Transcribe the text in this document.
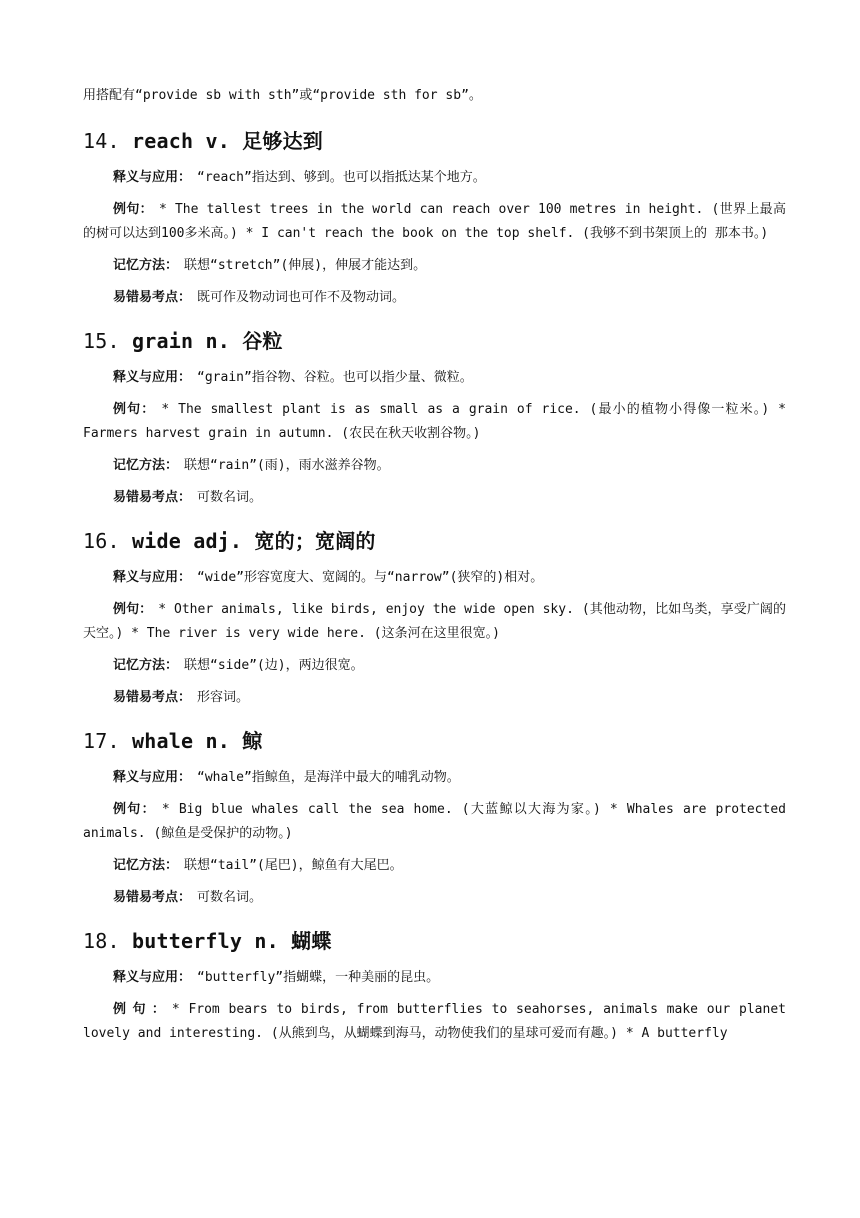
用搭配有“provide sb with sth”或“provide sth for sb”。

14. reach v. 足够达到

释义与应用： “reach”指达到、够到。也可以指抵达某个地方。

例句： * The tallest trees in the world can reach over 100 metres in height. (世界上最高的树可以达到100多米高。) * I can't reach the book on the top shelf. (我够不到书架顶上的 那本书。)

记忆方法： 联想“stretch”(伸展)，伸展才能达到。

易错易考点： 既可作及物动词也可作不及物动词。

15. grain n. 谷粒

释义与应用： “grain”指谷物、谷粒。也可以指少量、微粒。

例句： * The smallest plant is as small as a grain of rice. (最小的植物小得像一粒米。) * Farmers harvest grain in autumn. (农民在秋天收割谷物。)

记忆方法： 联想“rain”(雨)，雨水滋养谷物。

易错易考点： 可数名词。

16. wide adj. 宽的；宽阔的

释义与应用： “wide”形容宽度大、宽阔的。与“narrow”(狭窄的)相对。

例句： * Other animals, like birds, enjoy the wide open sky. (其他动物，比如鸟类，享受广阔的天空。) * The river is very wide here. (这条河在这里很宽。)

记忆方法： 联想“side”(边)，两边很宽。

易错易考点： 形容词。

17. whale n. 鲸

释义与应用： “whale”指鲸鱼，是海洋中最大的哺乳动物。

例句： * Big blue whales call the sea home. (大蓝鲸以大海为家。) * Whales are protected animals. (鲸鱼是受保护的动物。)

记忆方法： 联想“tail”(尾巴)，鲸鱼有大尾巴。

易错易考点： 可数名词。

18. butterfly n. 蝴蝶

释义与应用： “butterfly”指蝴蝶，一种美丽的昆虫。

例 句 ： * From bears to birds, from butterflies to seahorses, animals make our planet lovely and interesting. (从熊到鸟，从蝴蝶到海马，动物使我们的星球可爱而有趣。) * A butterfly
